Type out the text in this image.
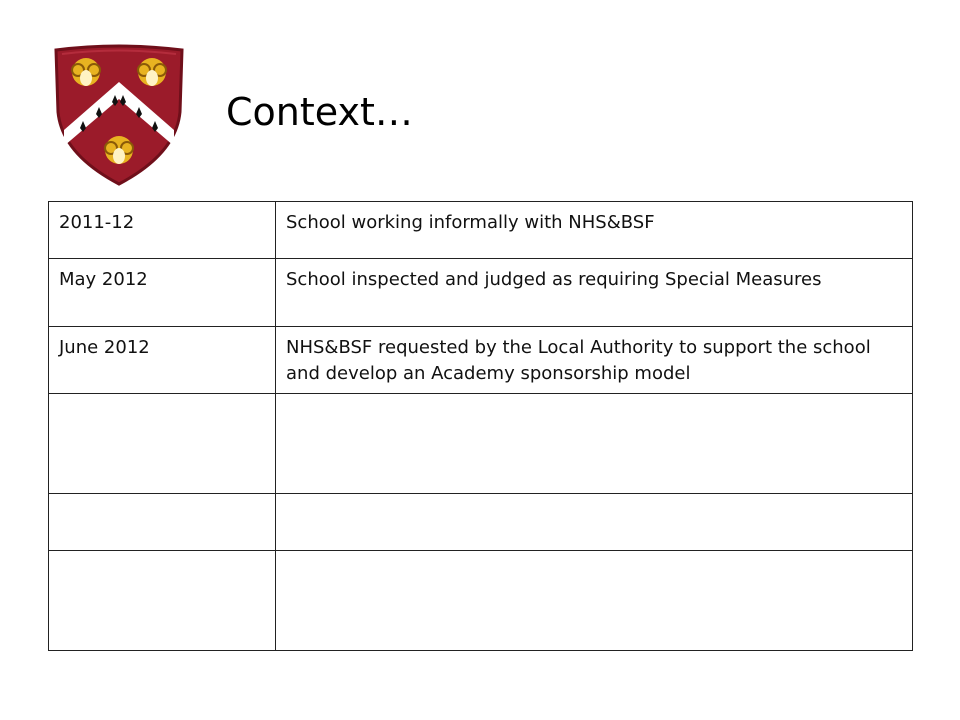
Context…
2011-12	School working informally with NHS&BSF
May 2012	School inspected and judged as requiring Special Measures
June 2012	NHS&BSF requested by the Local Authority to support the school and develop an Academy sponsorship model
